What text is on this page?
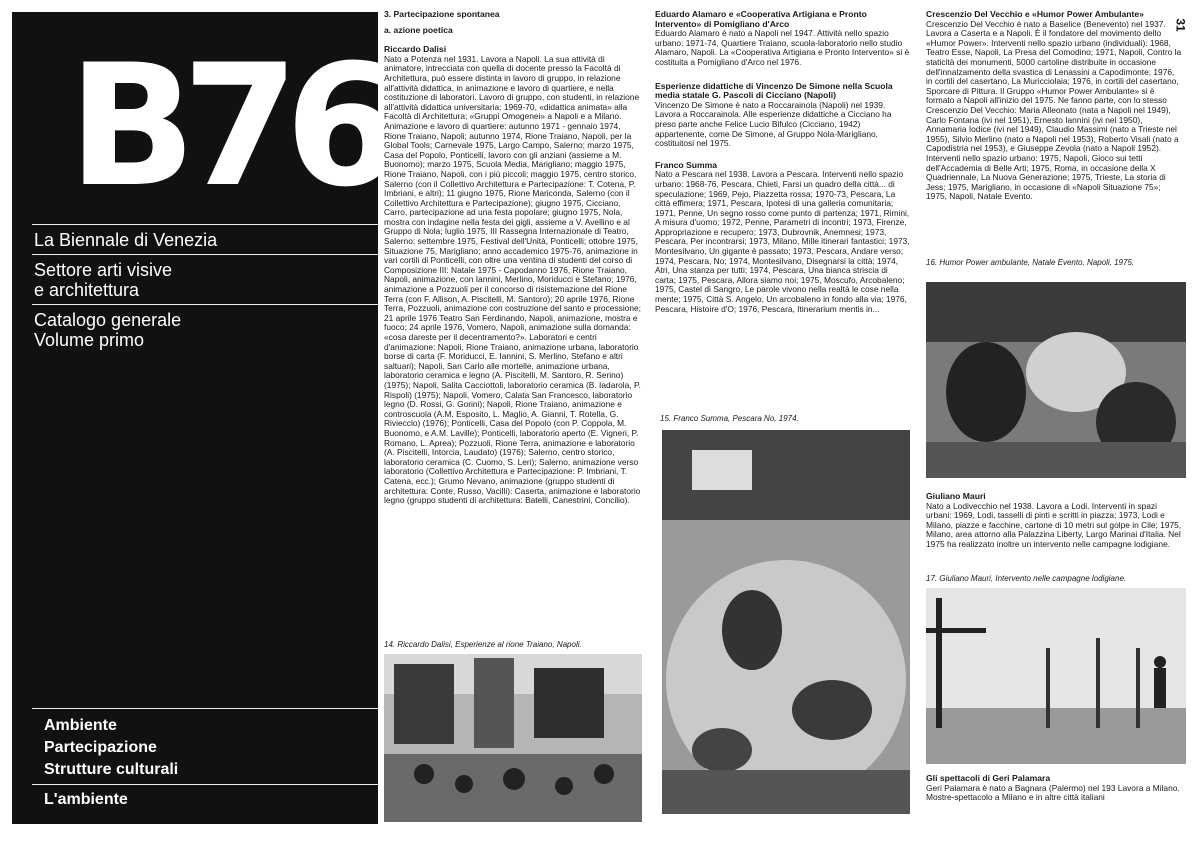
B76
La Biennale di Venezia
Settore arti visive
e architettura
Catalogo generale
Volume primo
Ambiente
Partecipazione
Strutture culturali
L'ambiente

3. Partecipazione spontanea

a. azione poetica

Riccardo Dalisi

Nato a Potenza nel 1931. Lavora a Napoli. La sua attività di animatore, intrecciata con quella di docente presso la Facoltà di Architettura, può essere distinta in lavoro di gruppo, in relazione all'attività didattica, in animazione e lavoro di quartiere, e nella costituzione di laboratori. Lavoro di gruppo, con studenti, in relazione all'attività didattica universitaria: 1969-70, «didattica animata» alla Facoltà di Architettura; «Gruppi Omogenei» a Napoli e a Milano. Animazione e lavoro di quartiere: autunno 1971 - gennaio 1974, Rione Traiano, Napoli; autunno 1974, Rione Traiano, Napoli, per la Global Tools; Carnevale 1975, Largo Campo, Salerno; marzo 1975, Casa del Popolo, Ponticelli, lavoro con gli anziani (assieme a M. Buonomo); marzo 1975, Scuola Media, Marigliano; maggio 1975, Rione Traiano, Napoli, con i più piccoli; maggio 1975, centro storico, Salerno (con il Collettivo Architettura e Partecipazione: T. Cotena, P. Imbriani, e altri); 11 giugno 1975, Rione Mariconda, Salerno (con il Collettivo Architettura e Partecipazione); giugno 1975, Cicciano, Carro, partecipazione ad una festa popolare; giugno 1975, Nola, mostra con indagine nella festa dei gigli, assieme a V. Avellino e al Gruppo di Nola; luglio 1975, III Rassegna Internazionale di Teatro, Salerno; settembre 1975, Festival dell'Unità, Ponticelli; ottobre 1975, Situazione 75, Marigliano; anno accademico 1975-76, animazione in vari cortili di Ponticelli, con oltre una ventina di studenti del corso di Composizione III: Natale 1975 - Capodanno 1976, Rione Traiano, Napoli, animazione, con Iannini, Merlino, Moriducci e Stefano; 1976, animazione a Pozzuoli per il concorso di risistemazione del Rione Terra (con F. Allison, A. Piscitelli, M. Santoro); 20 aprile 1976, Rione Terra, Pozzuoli, animazione con costruzione del santo e processione; 21 aprile 1976 Teatro San Ferdinando, Napoli, animazione, mostra e fuoco; 24 aprile 1976, Vomero, Napoli, animazione sulla domanda: «cosa dareste per il decentramento?». Laboratori e centri d'animazione: Napoli, Rione Traiano, animazione urbana, laboratorio borse di carta (F. Moriducci, E. Iannini, S. Merlino, Stefano e altri saltuari); Napoli, San Carlo alle mortelle, animazione urbana, laboratorio ceramica e legno (A. Piscitelli, M. Santoro, R. Serino) (1975); Napoli, Salita Cacciottoli, laboratorio ceramica (B. Iadarola, P. Rispoli) (1975); Napoli, Vomero, Calata San Francesco, laboratorio legno (D. Rossi, G. Gorini); Napoli, Rione Traiano, animazione e controscuola (A.M. Esposito, L. Maglio, A. Gianni, T. Rotella, G. Riviecclo) (1976); Ponticelli, Casa del Popolo (con P. Coppola, M. Buonomo, e A.M. Laville); Ponticelli, laboratorio aperto (E. Vigneri, P. Romano, L. Aprea); Pozzuoli, Rione Terra, animazione e laboratorio (A. Piscitelli, Intorcia, Laudato) (1976); Salerno, centro storico, laboratorio ceramica (C. Cuomo, S. Leri); Salerno, animazione verso laboratorio (Collettivo Architettura e Partecipazione: P. Imbriani, T. Catena, ecc.); Grumo Nevano, animazione (gruppo studenti di architettura: Conte, Russo, Vacilli): Caserta, animazione e laboratorio legno (gruppo studenti di architettura: Batelli, Canestrini, Concilio).

14. Riccardo Dalisi, Esperienze al rione Traiano, Napoli.

Eduardo Alamaro e «Cooperativa Artigiana e Pronto Intervento» di Pomigliano d'Arco

Eduardo Alamaro è nato a Napoli nel 1947. Attività nello spazio urbano: 1971-74, Quartiere Traiano, scuola-laboratorio nello studio Alamaro, Napoli. La «Cooperativa Artigiana e Pronto Intervento» si è costituita a Pomigliano d'Arco nel 1976.

Esperienze didattiche di Vincenzo De Simone nella Scuola media statale G. Pascoli di Cicciano (Napoli)

Vincenzo De Simone è nato a Roccarainola (Napoli) nel 1939. Lavora a Roccarainola. Alle esperienze didattiche a Cicciano ha preso parte anche Felice Lucio Bifulco (Cicciano, 1942) appartenente, come De Simone, al Gruppo Nola-Marigliano, costituitosi nel 1975.

Franco Summa

Nato a Pescara nel 1938. Lavora a Pescara. Interventi nello spazio urbano: 1968-76, Pescara, Chieti, Farsi un quadro della città... di speculazione; 1969, Pejo, Piazzetta rossa; 1970-73, Pescara, La città effimera; 1971, Pescara, Ipotesi di una galleria comunitaria; 1971, Penne, Un segno rosso come punto di partenza; 1971, Rimini, A misura d'uomo; 1972, Penne, Parametri di incontri; 1973, Firenze, Appropriazione e recupero; 1973, Dubrovnik, Anemnesi; 1973, Pescara, Per incontrarsi; 1973, Milano, Mille itinerari fantastici; 1973, Montesilvano, Un gigante è passato; 1973, Pescara, Andare verso; 1974, Pescara, No; 1974, Montesilvano, Disegnarsi la città; 1974, Atri, Una stanza per tutti; 1974, Pescara, Una bianca striscia di carta; 1975, Pescara, Allora siamo noi; 1975, Moscufo, Arcobaleno; 1975, Castel di Sangro, Le parole vivono nella realtà le cose nella mente; 1975, Città S. Angelo, Un arcobaleno in fondo alla via; 1976, Pescara, Histoire d'O; 1976, Pescara, Itinerarium mentis in...

15. Franco Summa, Pescara No, 1974.

Crescenzio Del Vecchio e «Humor Power Ambulante»

Crescenzio Del Vecchio è nato a Baselice (Benevento) nel 1937. Lavora a Caserta e a Napoli. È il fondatore del movimento dello «Humor Power». Interventi nello spazio urbano (individuali): 1968, Teatro Esse, Napoli, La Presa del Comodino; 1971, Napoli, Contro la staticità dei monumenti, 5000 cartoline distribuite in occasione dell'innalzamento della svastica di Lenassini a Capodimonte; 1976, in cortili del casertano, La Muricciolaia; 1976, in cortili del casertano, Sporcare di Pittura. Il Gruppo «Humor Power Ambulante» si è formato a Napoli all'inizio del 1975. Ne fanno parte, con lo stesso Crescenzio Del Vecchio: Maria Alleonato (nata a Napoli nel 1949), Carlo Fontana (ivi nel 1951), Ernesto Iannini (ivi nel 1950), Annamaria Iodice (ivi nel 1949), Claudio Massimi (nato a Trieste nel 1955), Silvio Merlino (nato a Napoli nel 1953), Roberto Visali (nato a Capodistria nel 1953), e Giuseppe Zevola (nato a Napoli 1952). Interventi nello spazio urbano: 1975, Napoli, Gioco sui tetti dell'Accademia di Belle Arti; 1975, Roma, in occasione della X Quadriennale, La Nuova Generazione; 1975, Trieste, La storia di Jess; 1975, Marigliano, in occasione di «Napoli Situazione 75»; 1975, Napoli, Natale Evento.

16. Humor Power ambulante, Natale Evento, Napoli, 1975.

Giuliano Mauri

Nato a Lodivecchio nel 1938. Lavora a Lodi. Interventi in spazi urbani: 1969, Lodi, tasselli di pinti e scritti in piazza; 1973, Lodi e Milano, piazze e facchine, cartone di 10 metri sul golpe in Cile; 1975, Milano, area attorno alla Palazzina Liberty, Largo Marinai d'Italia. Nel 1975 ha realizzato inoltre un intervento nelle campagne lodigiane.

17. Giuliano Mauri, Intervento nelle campagne lodigiane.

Gli spettacoli di Geri Palamara

Geri Palamara è nato a Bagnara (Palermo) nel 193 Lavora a Milano. Mostre-spettacolo a Milano e in altre città italiani

31
